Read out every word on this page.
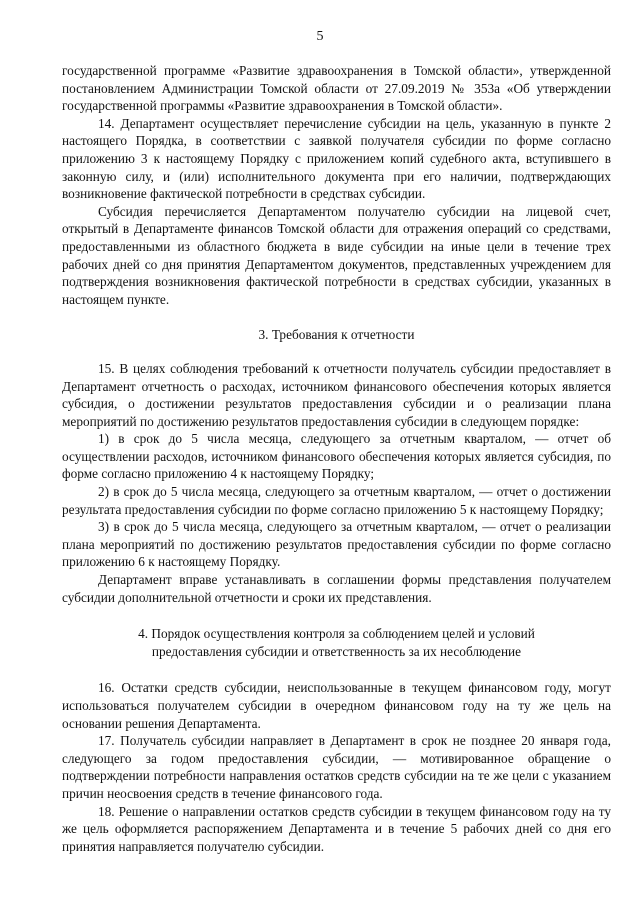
5

государственной программе «Развитие здравоохранения в Томской области», утвержденной постановлением Администрации Томской области от 27.09.2019 № 353а «Об утверждении государственной программы «Развитие здравоохранения в Томской области».

14. Департамент осуществляет перечисление субсидии на цель, указанную в пункте 2 настоящего Порядка, в соответствии с заявкой получателя субсидии по форме согласно приложению 3 к настоящему Порядку с приложением копий судебного акта, вступившего в законную силу, и (или) исполнительного документа при его наличии, подтверждающих возникновение фактической потребности в средствах субсидии.

Субсидия перечисляется Департаментом получателю субсидии на лицевой счет, открытый в Департаменте финансов Томской области для отражения операций со средствами, предоставленными из областного бюджета в виде субсидии на иные цели в течение трех рабочих дней со дня принятия Департаментом документов, представленных учреждением для подтверждения возникновения фактической потребности в средствах субсидии, указанных в настоящем пункте.

3. Требования к отчетности

15. В целях соблюдения требований к отчетности получатель субсидии предоставляет в Департамент отчетность о расходах, источником финансового обеспечения которых является субсидия, о достижении результатов предоставления субсидии и о реализации плана мероприятий по достижению результатов предоставления субсидии в следующем порядке:

1) в срок до 5 числа месяца, следующего за отчетным кварталом, — отчет об осуществлении расходов, источником финансового обеспечения которых является субсидия, по форме согласно приложению 4 к настоящему Порядку;

2) в срок до 5 числа месяца, следующего за отчетным кварталом, — отчет о достижении результата предоставления субсидии по форме согласно приложению 5 к настоящему Порядку;

3) в срок до 5 числа месяца, следующего за отчетным кварталом, — отчет о реализации плана мероприятий по достижению результатов предоставления субсидии по форме согласно приложению 6 к настоящему Порядку.

Департамент вправе устанавливать в соглашении формы представления получателем субсидии дополнительной отчетности и сроки их представления.

4. Порядок осуществления контроля за соблюдением целей и условий
предоставления субсидии и ответственность за их несоблюдение

16. Остатки средств субсидии, неиспользованные в текущем финансовом году, могут использоваться получателем субсидии в очередном финансовом году на ту же цель на основании решения Департамента.

17. Получатель субсидии направляет в Департамент в срок не позднее 20 января года, следующего за годом предоставления субсидии, — мотивированное обращение о подтверждении потребности направления остатков средств субсидии на те же цели с указанием причин неосвоения средств в течение финансового года.

18. Решение о направлении остатков средств субсидии в текущем финансовом году на ту же цель оформляется распоряжением Департамента и в течение 5 рабочих дней со дня его принятия направляется получателю субсидии.
